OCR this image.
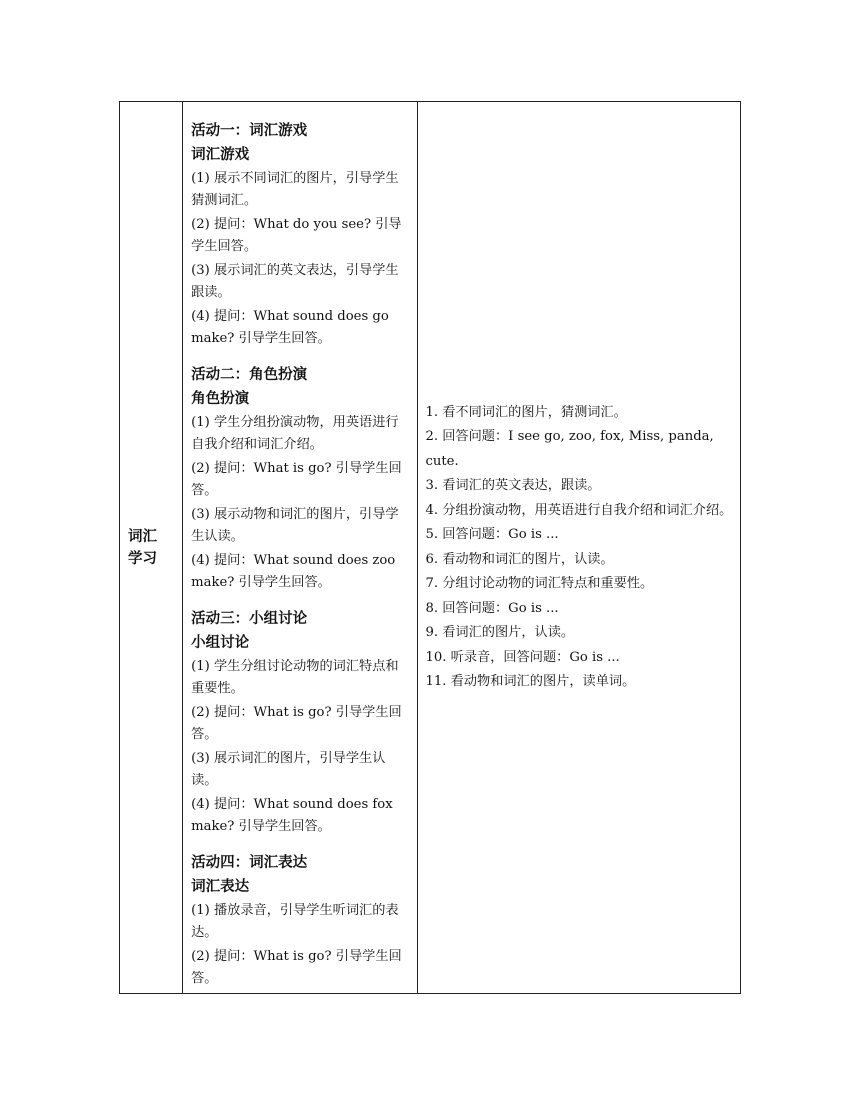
词汇
学习

活动一：词汇游戏
词汇游戏
(1) 展示不同词汇的图片，引导学生猜测词汇。
(2) 提问：What do you see? 引导学生回答。
(3) 展示词汇的英文表达，引导学生跟读。
(4) 提问：What sound does go make? 引导学生回答。
活动二：角色扮演
角色扮演
(1) 学生分组扮演动物，用英语进行自我介绍和词汇介绍。
(2) 提问：What is go? 引导学生回答。
(3) 展示动物和词汇的图片，引导学生认读。
(4) 提问：What sound does zoo make? 引导学生回答。
活动三：小组讨论
小组讨论
(1) 学生分组讨论动物的词汇特点和重要性。
(2) 提问：What is go? 引导学生回答。
(3) 展示词汇的图片，引导学生认读。
(4) 提问：What sound does fox make? 引导学生回答。
活动四：词汇表达
词汇表达
(1) 播放录音，引导学生听词汇的表达。
(2) 提问：What is go? 引导学生回答。

1. 看不同词汇的图片，猜测词汇。
2. 回答问题：I see go, zoo, fox, Miss, panda, cute.
3. 看词汇的英文表达，跟读。
4. 分组扮演动物，用英语进行自我介绍和词汇介绍。
5. 回答问题：Go is ...
6. 看动物和词汇的图片，认读。
7. 分组讨论动物的词汇特点和重要性。
8. 回答问题：Go is ...
9. 看词汇的图片，认读。
10. 听录音，回答问题：Go is ...
11. 看动物和词汇的图片，读单词。
